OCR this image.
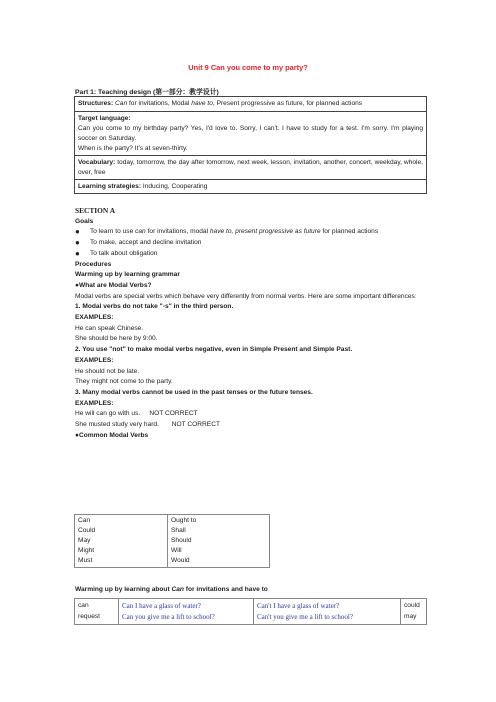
Unit 9 Can you come to my party?
Part 1: Teaching design (第一部分：教学设计)
Structures: Can for invitations, Modal have to, Present progressive as future, for planned actions
Target language:
Can you come to my birthday party? Yes, I'd love to. Sorry, I can't. I have to study for a test. I'm sorry. I'm playing soccer on Saturday.
When is the party? It's at seven-thirty.
Vocabulary: today, tomorrow, the day after tomorrow, next week, lesson, invitation, another, concert, weekday, whole, over, free
Learning strategies: Inducing, Cooperating

SECTION A

Goals

● To learn to use can for invitations, modal have to, present progressive as future for planned actions

● To make, accept and decline invitation

● To talk about obligation

Procedures

Warming up by learning grammar

●What are Modal Verbs?

Modal verbs are special verbs which behave very differently from normal verbs. Here are some important differences:

1. Modal verbs do not take "-s" in the third person.

EXAMPLES:

He can speak Chinese.

She should be here by 9:00.

2. You use "not" to make modal verbs negative, even in Simple Present and Simple Past.

EXAMPLES:

He should not be late.

They might not come to the party.

3. Many modal verbs cannot be used in the past tenses or the future tenses.

EXAMPLES:

He will can go with us. NOT CORRECT

She musted study very hard. NOT CORRECT

●Common Modal Verbs

Can
Could
May
Might
Must

Ought to
Shall
Should
Will
Would
Warming up by learning about Can for invitations and have to
can
request

Can I have a glass of water?
Can you give me a lift to school?

Can't I have a glass of water?
Can't you give me a lift to school?

could
may
